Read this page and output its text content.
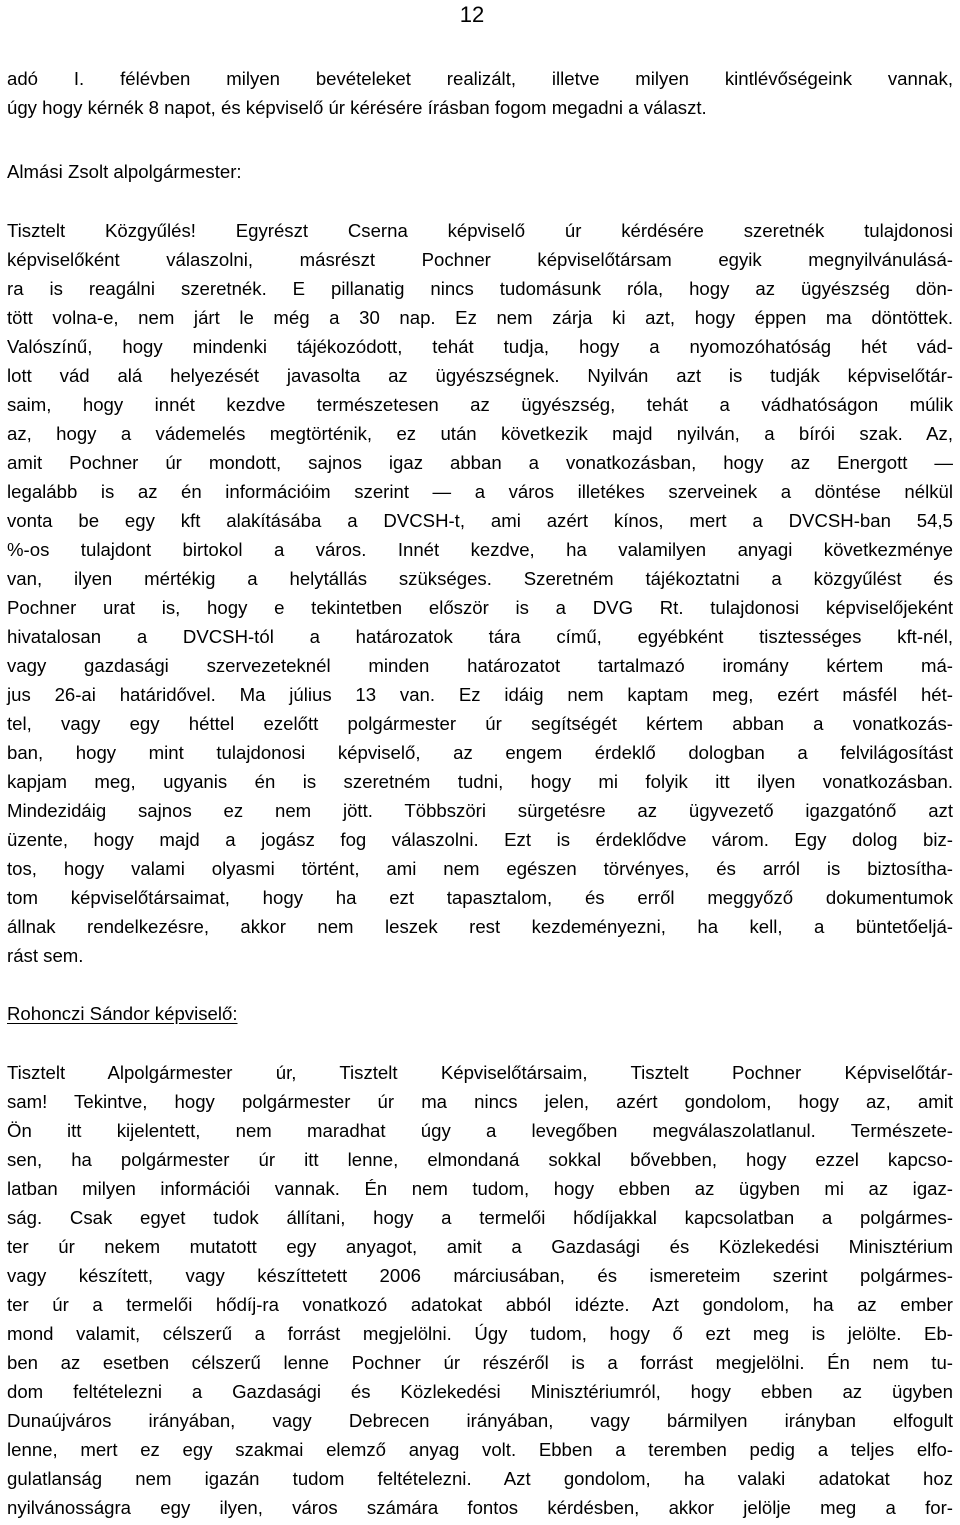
12
adó I. félévben milyen bevételeket realizált, illetve milyen kintlévőségeink vannak,
úgy hogy kérnék 8 napot, és képviselő úr kérésére írásban fogom megadni a választ.
Almási Zsolt alpolgármester:
Tisztelt Közgyűlés! Egyrészt Cserna képviselő úr kérdésére szeretnék tulajdonosi
képviselőként válaszolni, másrészt Pochner képviselőtársam egyik megnyilvánulásá-
ra is reagálni szeretnék. E pillanatig nincs tudomásunk róla, hogy az ügyészség dön-
tött volna-e, nem járt le még a 30 nap. Ez nem zárja ki azt, hogy éppen ma döntöttek.
Valószínű, hogy mindenki tájékozódott, tehát tudja, hogy a nyomozóhatóság hét vád-
lott vád alá helyezését javasolta az ügyészségnek. Nyilván azt is tudják képviselőtár-
saim, hogy innét kezdve természetesen az ügyészség, tehát a vádhatóságon múlik
az, hogy a vádemelés megtörténik, ez után következik majd nyilván, a bírói szak. Az,
amit Pochner úr mondott, sajnos igaz abban a vonatkozásban, hogy az Energott —
legalább is az én információim szerint — a város illetékes szerveinek a döntése nélkül
vonta be egy kft alakításába a DVCSH-t, ami azért kínos, mert a DVCSH-ban 54,5
%-os tulajdont birtokol a város. Innét kezdve, ha valamilyen anyagi következménye
van, ilyen mértékig a helytállás szükséges. Szeretném tájékoztatni a közgyűlést és
Pochner urat is, hogy e tekintetben először is a DVG Rt. tulajdonosi képviselőjeként
hivatalosan a DVCSH-tól a határozatok tára című, egyébként tisztességes kft-nél,
vagy gazdasági szervezeteknél minden határozatot tartalmazó iromány kértem má-
jus 26-ai határidővel. Ma július 13 van. Ez idáig nem kaptam meg, ezért másfél hét-
tel, vagy egy héttel ezelőtt polgármester úr segítségét kértem abban a vonatkozás-
ban, hogy mint tulajdonosi képviselő, az engem érdeklő dologban a felvilágosítást
kapjam meg, ugyanis én is szeretném tudni, hogy mi folyik itt ilyen vonatkozásban.
Mindezidáig sajnos ez nem jött. Többszöri sürgetésre az ügyvezető igazgatónő azt
üzente, hogy majd a jogász fog válaszolni. Ezt is érdeklődve várom. Egy dolog biz-
tos, hogy valami olyasmi történt, ami nem egészen törvényes, és arról is biztosítha-
tom képviselőtársaimat, hogy ha ezt tapasztalom, és erről meggyőző dokumentumok
állnak rendelkezésre, akkor nem leszek rest kezdeményezni, ha kell, a büntetőeljá-
rást sem.
Rohonczi Sándor képviselő:
Tisztelt Alpolgármester úr, Tisztelt Képviselőtársaim, Tisztelt Pochner Képviselőtár-
sam! Tekintve, hogy polgármester úr ma nincs jelen, azért gondolom, hogy az, amit
Ön itt kijelentett, nem maradhat úgy a levegőben megválaszolatlanul. Természete-
sen, ha polgármester úr itt lenne, elmondaná sokkal bővebben, hogy ezzel kapcso-
latban milyen információi vannak. Én nem tudom, hogy ebben az ügyben mi az igaz-
ság. Csak egyet tudok állítani, hogy a termelői hődíjakkal kapcsolatban a polgármes-
ter úr nekem mutatott egy anyagot, amit a Gazdasági és Közlekedési Minisztérium
vagy készített, vagy készíttetett 2006 márciusában, és ismereteim szerint polgármes-
ter úr a termelői hődíj-ra vonatkozó adatokat abból idézte. Azt gondolom, ha az ember
mond valamit, célszerű a forrást megjelölni. Úgy tudom, hogy ő ezt meg is jelölte. Eb-
ben az esetben célszerű lenne Pochner úr részéről is a forrást megjelölni. Én nem tu-
dom feltételezni a Gazdasági és Közlekedési Minisztériumról, hogy ebben az ügyben
Dunaújváros irányában, vagy Debrecen irányában, vagy bármilyen irányban elfogult
lenne, mert ez egy szakmai elemző anyag volt. Ebben a teremben pedig a teljes elfo-
gulatlanság nem igazán tudom feltételezni. Azt gondolom, ha valaki adatokat hoz
nyilvánosságra egy ilyen, város számára fontos kérdésben, akkor jelölje meg a for-
